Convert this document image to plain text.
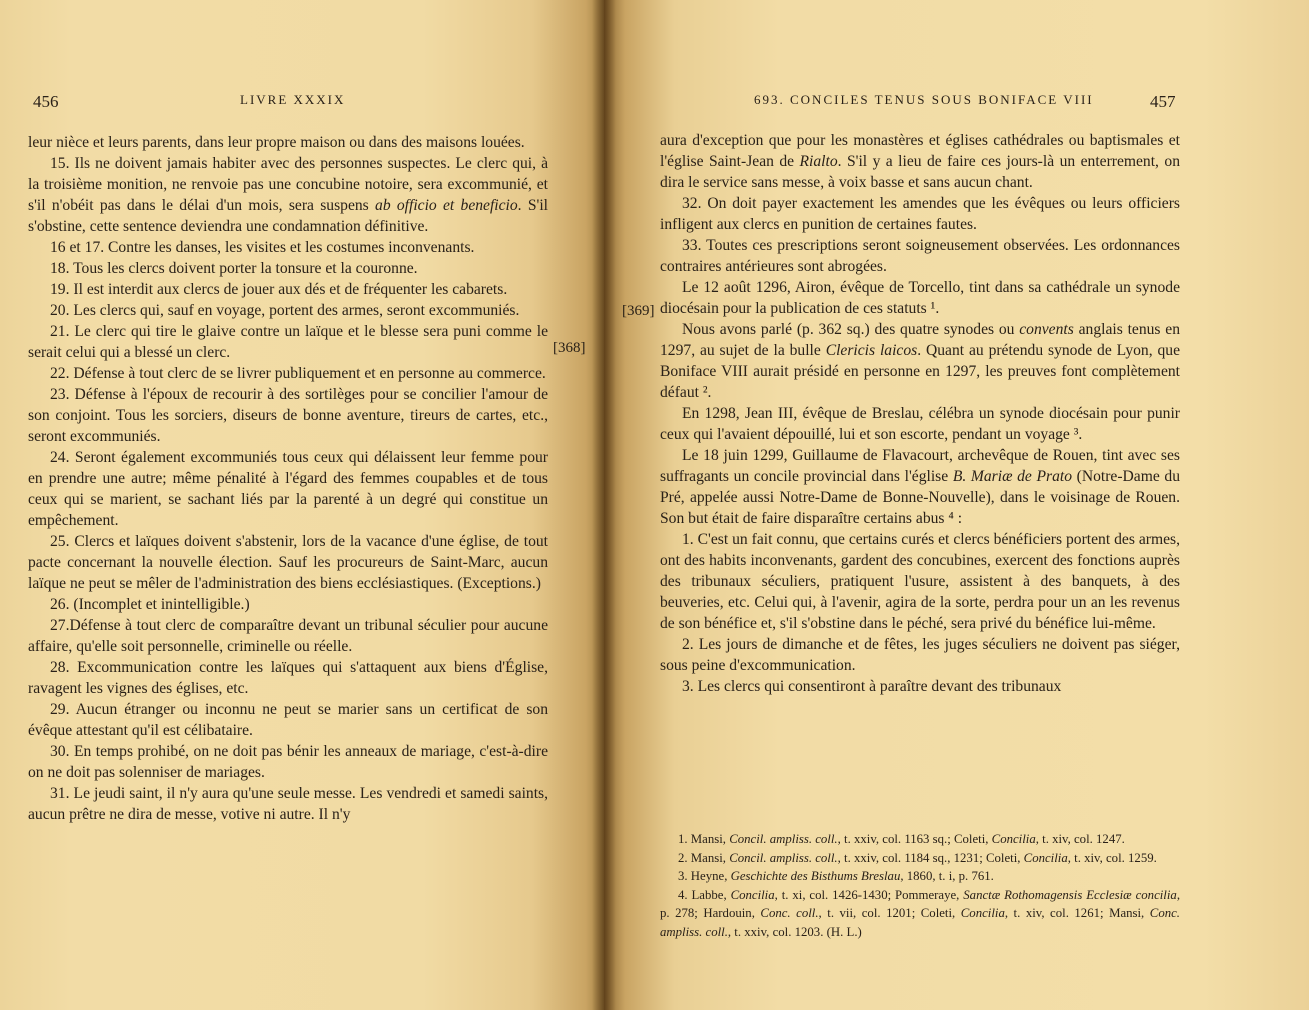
456	LIVRE XXXIX

leur nièce et leurs parents, dans leur propre maison ou dans des maisons louées.

15. Ils ne doivent jamais habiter avec des personnes suspectes. Le clerc qui, à la troisième monition, ne renvoie pas une concubine notoire, sera excommunié, et s'il n'obéit pas dans le délai d'un mois, sera suspens ab officio et beneficio. S'il s'obstine, cette sentence deviendra une condamnation définitive.

16 et 17. Contre les danses, les visites et les costumes inconvenants.

18. Tous les clercs doivent porter la tonsure et la couronne.

19. Il est interdit aux clercs de jouer aux dés et de fréquenter les cabarets.

20. Les clercs qui, sauf en voyage, portent des armes, seront excommuniés.

21. Le clerc qui tire le glaive contre un laïque et le blesse sera puni comme le serait celui qui a blessé un clerc.

22. Défense à tout clerc de se livrer publiquement et en personne au commerce.

23. Défense à l'époux de recourir à des sortilèges pour se concilier l'amour de son conjoint. Tous les sorciers, diseurs de bonne aventure, tireurs de cartes, etc., seront excommuniés.

24. Seront également excommuniés tous ceux qui délaissent leur femme pour en prendre une autre; même pénalité à l'égard des femmes coupables et de tous ceux qui se marient, se sachant liés par la parenté à un degré qui constitue un empêchement.

25. Clercs et laïques doivent s'abstenir, lors de la vacance d'une église, de tout pacte concernant la nouvelle élection. Sauf les procureurs de Saint-Marc, aucun laïque ne peut se mêler de l'administration des biens ecclésiastiques. (Exceptions.)

26. (Incomplet et inintelligible.)

27.Défense à tout clerc de comparaître devant un tribunal séculier pour aucune affaire, qu'elle soit personnelle, criminelle ou réelle.

28. Excommunication contre les laïques qui s'attaquent aux biens d'Église, ravagent les vignes des églises, etc.

29. Aucun étranger ou inconnu ne peut se marier sans un certificat de son évêque attestant qu'il est célibataire.

30. En temps prohibé, on ne doit pas bénir les anneaux de mariage, c'est-à-dire on ne doit pas solenniser de mariages.

31. Le jeudi saint, il n'y aura qu'une seule messe. Les vendredi et samedi saints, aucun prêtre ne dira de messe, votive ni autre. Il n'y

[368]
693. CONCILES TENUS SOUS BONIFACE VIII	457
[369]

aura d'exception que pour les monastères et églises cathédrales ou baptismales et l'église Saint-Jean de Rialto. S'il y a lieu de faire ces jours-là un enterrement, on dira le service sans messe, à voix basse et sans aucun chant.

32. On doit payer exactement les amendes que les évêques ou leurs officiers infligent aux clercs en punition de certaines fautes.

33. Toutes ces prescriptions seront soigneusement observées. Les ordonnances contraires antérieures sont abrogées.

Le 12 août 1296, Airon, évêque de Torcello, tint dans sa cathédrale un synode diocésain pour la publication de ces statuts ¹.

Nous avons parlé (p. 362 sq.) des quatre synodes ou convents anglais tenus en 1297, au sujet de la bulle Clericis laicos. Quant au prétendu synode de Lyon, que Boniface VIII aurait présidé en personne en 1297, les preuves font complètement défaut ².

En 1298, Jean III, évêque de Breslau, célébra un synode diocésain pour punir ceux qui l'avaient dépouillé, lui et son escorte, pendant un voyage ³.

Le 18 juin 1299, Guillaume de Flavacourt, archevêque de Rouen, tint avec ses suffragants un concile provincial dans l'église B. Mariæ de Prato (Notre-Dame du Pré, appelée aussi Notre-Dame de Bonne-Nouvelle), dans le voisinage de Rouen. Son but était de faire disparaître certains abus ⁴ :

1. C'est un fait connu, que certains curés et clercs bénéficiers portent des armes, ont des habits inconvenants, gardent des concubines, exercent des fonctions auprès des tribunaux séculiers, pratiquent l'usure, assistent à des banquets, à des beuveries, etc. Celui qui, à l'avenir, agira de la sorte, perdra pour un an les revenus de son bénéfice et, s'il s'obstine dans le péché, sera privé du bénéfice lui-même.

2. Les jours de dimanche et de fêtes, les juges séculiers ne doivent pas siéger, sous peine d'excommunication.

3. Les clercs qui consentiront à paraître devant des tribunaux

1. Mansi, Concil. ampliss. coll., t. xxiv, col. 1163 sq.; Coleti, Concilia, t. xiv, col. 1247.

2. Mansi, Concil. ampliss. coll., t. xxiv, col. 1184 sq., 1231; Coleti, Concilia, t. xiv, col. 1259.

3. Heyne, Geschichte des Bisthums Breslau, 1860, t. i, p. 761.

4. Labbe, Concilia, t. xi, col. 1426-1430; Pommeraye, Sanctæ Rothomagensis Ecclesiæ concilia, p. 278; Hardouin, Conc. coll., t. vii, col. 1201; Coleti, Concilia, t. xiv, col. 1261; Mansi, Conc. ampliss. coll., t. xxiv, col. 1203. (H. L.)
